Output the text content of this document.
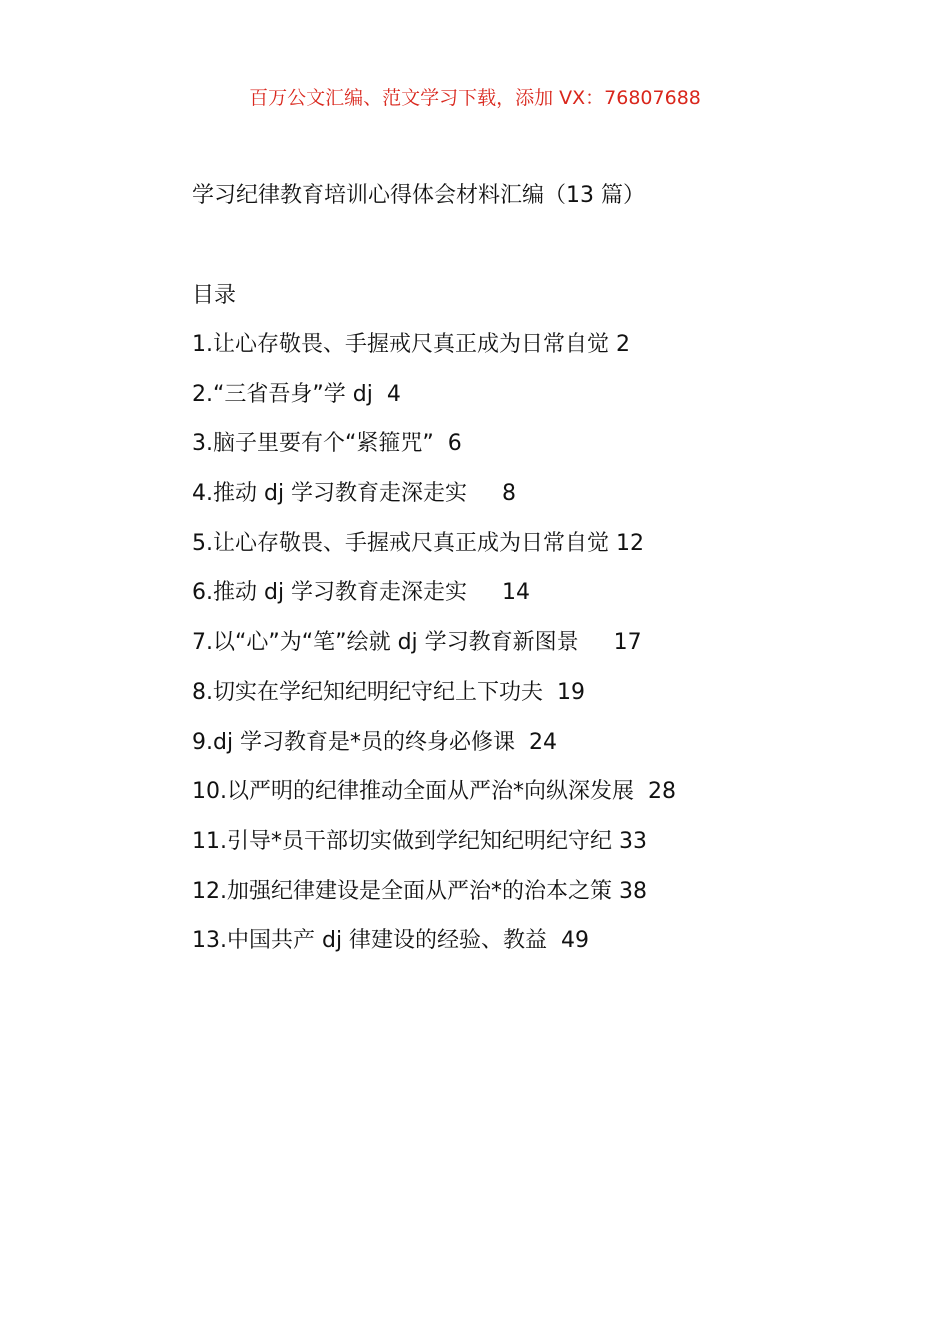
百万公文汇编、范文学习下载，添加 VX：76807688
学习纪律教育培训心得体会材料汇编（13 篇）
目录
1.让心存敬畏、手握戒尺真正成为日常自觉 2
2.“三省吾身”学 dj  4
3.脑子里要有个“紧箍咒”  6
4.推动 dj 学习教育走深走实     8
5.让心存敬畏、手握戒尺真正成为日常自觉 12
6.推动 dj 学习教育走深走实     14
7.以“心”为“笔”绘就 dj 学习教育新图景     17
8.切实在学纪知纪明纪守纪上下功夫  19
9.dj 学习教育是*员的终身必修课  24
10.以严明的纪律推动全面从严治*向纵深发展  28
11.引导*员干部切实做到学纪知纪明纪守纪 33
12.加强纪律建设是全面从严治*的治本之策 38
13.中国共产 dj 律建设的经验、教益  49
